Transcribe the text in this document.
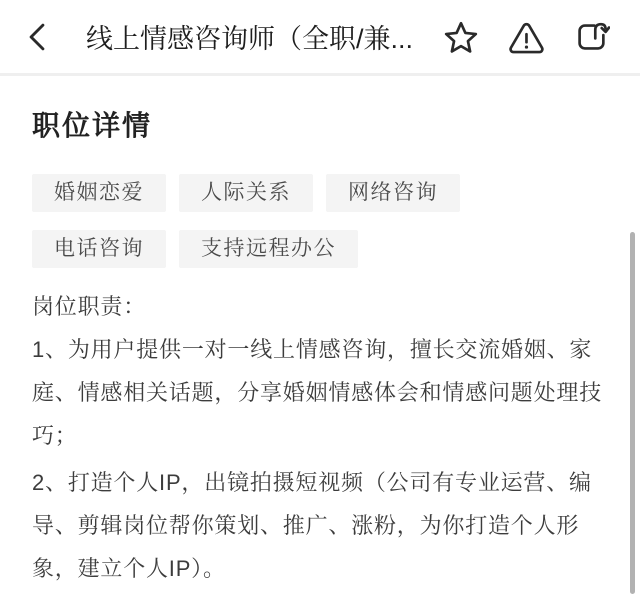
线上情感咨询师（全职/兼...
职位详情
婚姻恋爱	人际关系	网络咨询
电话咨询	支持远程办公
岗位职责：
1、为用户提供一对一线上情感咨询，擅长交流婚姻、家
庭、情感相关话题，分享婚姻情感体会和情感问题处理技
巧；
2、打造个人IP，出镜拍摄短视频（公司有专业运营、编
导、剪辑岗位帮你策划、推广、涨粉，为你打造个人形
象，建立个人IP）。
